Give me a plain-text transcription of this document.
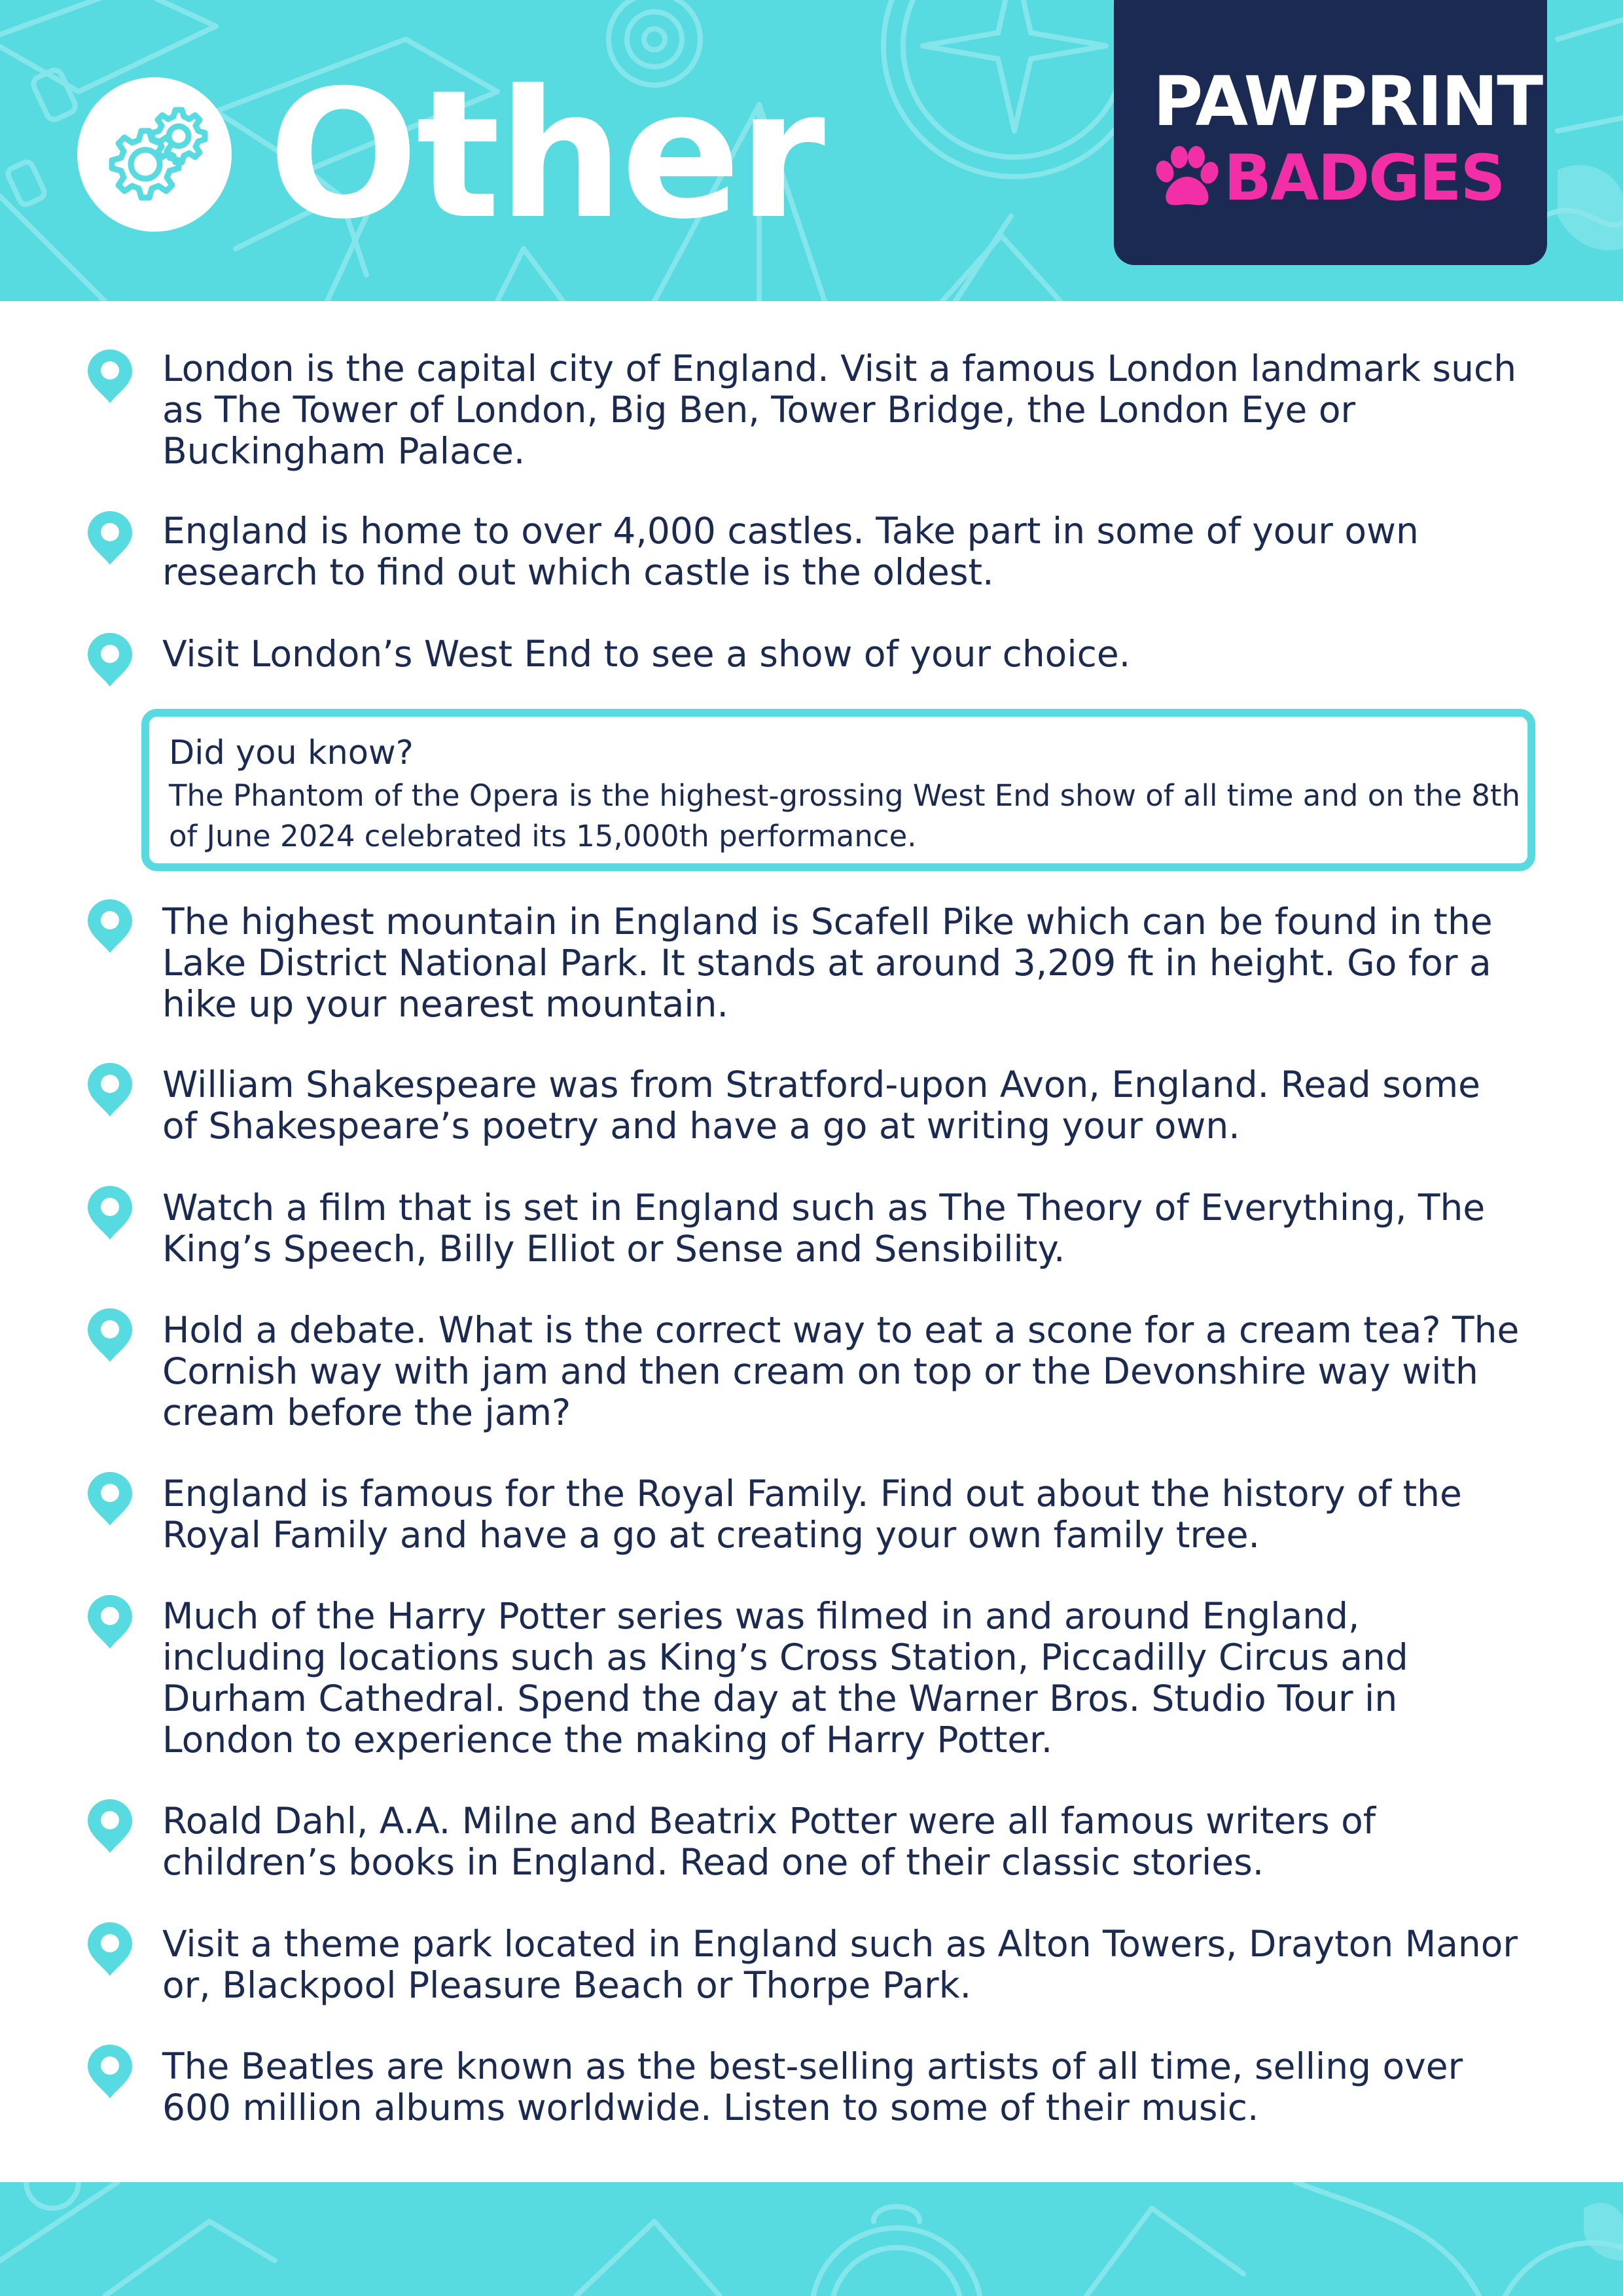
Other	PAWPRINT
BADGES

London is the capital city of England. Visit a famous London landmark such as The Tower of London, Big Ben, Tower Bridge, the London Eye or Buckingham Palace.

England is home to over 4,000 castles. Take part in some of your own research to find out which castle is the oldest.

Visit London’s West End to see a show of your choice.

Did you know?
The Phantom of the Opera is the highest-grossing West End show of all time and on the 8th of June 2024 celebrated its 15,000th performance.

The highest mountain in England is Scafell Pike which can be found in the Lake District National Park. It stands at around 3,209 ft in height. Go for a hike up your nearest mountain.

William Shakespeare was from Stratford-upon Avon, England. Read some of Shakespeare’s poetry and have a go at writing your own.

Watch a film that is set in England such as The Theory of Everything, The King’s Speech, Billy Elliot or Sense and Sensibility.

Hold a debate. What is the correct way to eat a scone for a cream tea? The Cornish way with jam and then cream on top or the Devonshire way with cream before the jam?

England is famous for the Royal Family. Find out about the history of the Royal Family and have a go at creating your own family tree.

Much of the Harry Potter series was filmed in and around England, including locations such as King’s Cross Station, Piccadilly Circus and Durham Cathedral. Spend the day at the Warner Bros. Studio Tour in London to experience the making of Harry Potter.

Roald Dahl, A.A. Milne and Beatrix Potter were all famous writers of children’s books in England. Read one of their classic stories.

Visit a theme park located in England such as Alton Towers, Drayton Manor or, Blackpool Pleasure Beach or Thorpe Park.

The Beatles are known as the best-selling artists of all time, selling over 600 million albums worldwide. Listen to some of their music.
